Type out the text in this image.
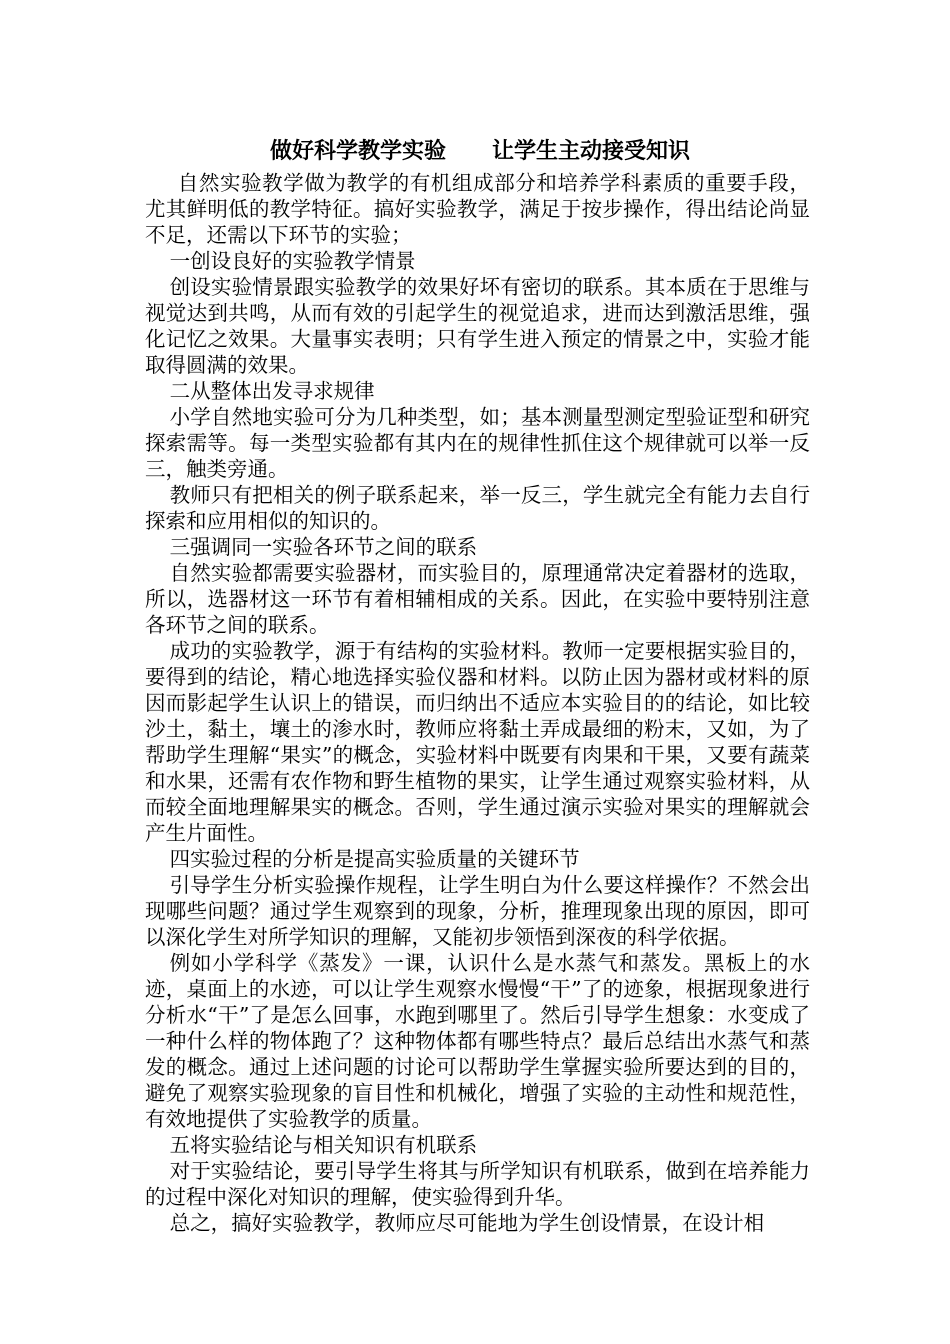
做好科学教学实验      让学生主动接受知识

自然实验教学做为教学的有机组成部分和培养学科素质的重要手段，尤其鲜明低的教学特征。搞好实验教学，满足于按步操作，得出结论尚显不足，还需以下环节的实验；

一创设良好的实验教学情景

创设实验情景跟实验教学的效果好坏有密切的联系。其本质在于思维与视觉达到共鸣，从而有效的引起学生的视觉追求，进而达到激活思维，强化记忆之效果。大量事实表明；只有学生进入预定的情景之中，实验才能取得圆满的效果。

二从整体出发寻求规律

小学自然地实验可分为几种类型，如；基本测量型测定型验证型和研究探索需等。每一类型实验都有其内在的规律性抓住这个规律就可以举一反三，触类旁通。

教师只有把相关的例子联系起来，举一反三，学生就完全有能力去自行探索和应用相似的知识的。

三强调同一实验各环节之间的联系

自然实验都需要实验器材，而实验目的，原理通常决定着器材的选取，所以，选器材这一环节有着相辅相成的关系。因此，在实验中要特别注意各环节之间的联系。

成功的实验教学，源于有结构的实验材料。教师一定要根据实验目的，要得到的结论，精心地选择实验仪器和材料。以防止因为器材或材料的原因而影起学生认识上的错误，而归纳出不适应本实验目的的结论，如比较沙土，黏土，壤土的渗水时，教师应将黏土弄成最细的粉末，又如，为了帮助学生理解“果实”的概念，实验材料中既要有肉果和干果，又要有蔬菜和水果，还需有农作物和野生植物的果实，让学生通过观察实验材料，从而较全面地理解果实的概念。否则，学生通过演示实验对果实的理解就会产生片面性。

四实验过程的分析是提高实验质量的关键环节

引导学生分析实验操作规程，让学生明白为什么要这样操作？不然会出现哪些问题？通过学生观察到的现象，分析，推理现象出现的原因，即可以深化学生对所学知识的理解，又能初步领悟到深夜的科学依据。

例如小学科学《蒸发》一课，认识什么是水蒸气和蒸发。黑板上的水迹，桌面上的水迹，可以让学生观察水慢慢“干”了的迹象，根据现象进行分析水“干”了是怎么回事，水跑到哪里了。然后引导学生想象：水变成了一种什么样的物体跑了？这种物体都有哪些特点？最后总结出水蒸气和蒸发的概念。通过上述问题的讨论可以帮助学生掌握实验所要达到的目的，避免了观察实验现象的盲目性和机械化，增强了实验的主动性和规范性，有效地提供了实验教学的质量。

五将实验结论与相关知识有机联系

对于实验结论，要引导学生将其与所学知识有机联系，做到在培养能力的过程中深化对知识的理解，使实验得到升华。

总之，搞好实验教学，教师应尽可能地为学生创设情景，在设计相
